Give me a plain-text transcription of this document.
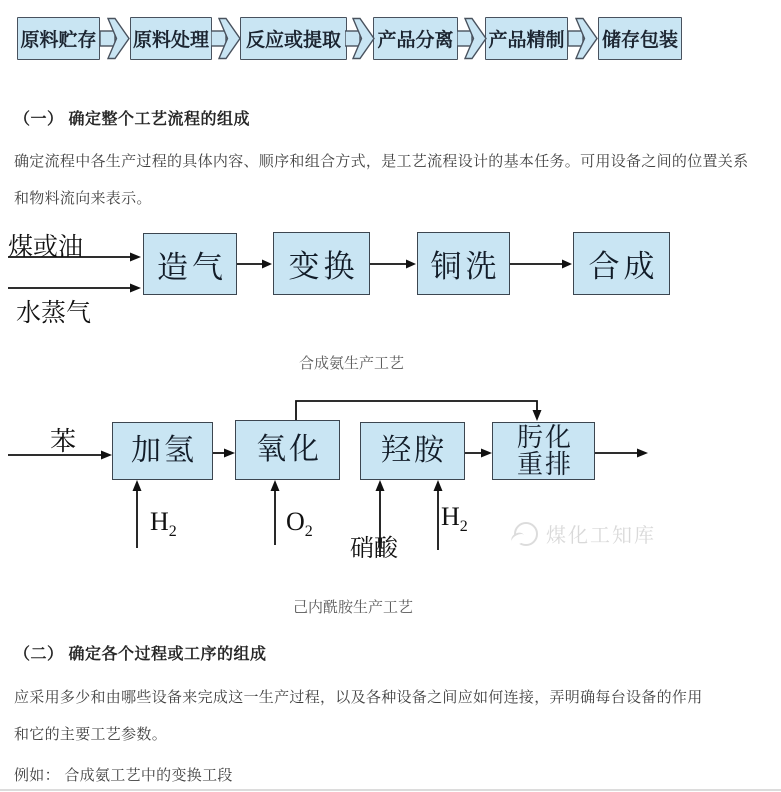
原料贮存 原料处理	反应或提取	产品分离 产品精制 储存包装
（一） 确定整个工艺流程的组成
确定流程中各生产过程的具体内容、顺序和组合方式，是工艺流程设计的基本任务。可用设备之间的位置关系和物料流向来表示。
煤或油
水蒸气
造气	变换	铜洗	合成
合成氨生产工艺
苯	加氢	氧化	羟胺	肟化
重排
$H_2$	$O_2$
硝酸
$H_2$	煤化工知库
己内酰胺生产工艺
（二） 确定各个过程或工序的组成
应采用多少和由哪些设备来完成这一生产过程，以及各种设备之间应如何连接，弄明确每台设备的作用和它的主要工艺参数。
例如： 合成氨工艺中的变换工段
